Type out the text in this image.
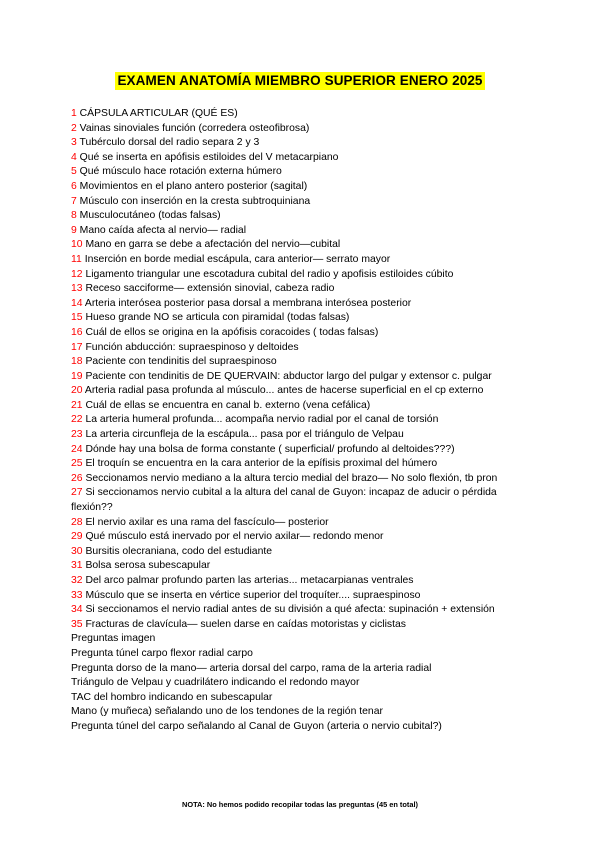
EXAMEN ANATOMÍA MIEMBRO SUPERIOR ENERO 2025
1 CÁPSULA ARTICULAR (QUÉ ES)
2 Vainas sinoviales función (corredera osteofibrosa)
3 Tubérculo dorsal del radio separa 2 y 3
4 Qué se inserta en apófisis estiloides del V metacarpiano
5 Qué músculo hace rotación externa húmero
6 Movimientos en el plano antero posterior (sagital)
7 Músculo con inserción en la cresta subtroquiniana
8 Musculocutáneo (todas falsas)
9 Mano caída afecta al nervio— radial
10 Mano en garra se debe a afectación del nervio—cubital
11 Inserción en borde medial escápula, cara anterior— serrato mayor
12 Ligamento triangular une escotadura cubital del radio y apofisis estiloides cúbito
13 Receso sacciforme— extensión sinovial, cabeza radio
14 Arteria interósea posterior pasa dorsal a membrana interósea posterior
15 Hueso grande NO se articula con piramidal (todas falsas)
16 Cuál de ellos se origina en la apófisis coracoides ( todas falsas)
17 Función abducción: supraespinoso y deltoides
18 Paciente con tendinitis del supraespinoso
19 Paciente con tendinitis de DE QUERVAIN: abductor largo del pulgar y extensor c. pulgar
20 Arteria radial pasa profunda al músculo... antes de hacerse superficial en el cp externo
21 Cuál de ellas se encuentra en canal b. externo (vena cefálica)
22 La arteria humeral profunda... acompaña nervio radial por el canal de torsión
23 La arteria circunfleja de la escápula... pasa por el triángulo de Velpau
24 Dónde hay una bolsa de forma constante ( superficial/ profundo al deltoides???)
25 El troquín se encuentra en la cara anterior de la epífisis proximal del húmero
26 Seccionamos nervio mediano a la altura tercio medial del brazo— No solo flexión, tb pron
27 Si seccionamos nervio cubital a la altura del canal de Guyon: incapaz de aducir o pérdida flexión??
28 El nervio axilar es una rama del fascículo— posterior
29 Qué músculo está inervado por el nervio axilar— redondo menor
30 Bursitis olecraniana, codo del estudiante
31 Bolsa serosa subescapular
32 Del arco palmar profundo parten las arterias... metacarpianas ventrales
33 Músculo que se inserta en vértice superior del troquíter.... supraespinoso
34 Si seccionamos el nervio radial antes de su división a qué afecta: supinación + extensión
35 Fracturas de clavícula— suelen darse en caídas motoristas y ciclistas
Preguntas imagen
Pregunta túnel carpo flexor radial carpo
Pregunta dorso de la mano— arteria dorsal del carpo, rama de la arteria radial
Triángulo de Velpau y cuadrilátero indicando el redondo mayor
TAC del hombro indicando en subescapular
Mano (y muñeca) señalando uno de los tendones de la región tenar
Pregunta túnel del carpo señalando al Canal de Guyon (arteria o nervio cubital?)
NOTA: No hemos podido recopilar todas las preguntas (45 en total)
